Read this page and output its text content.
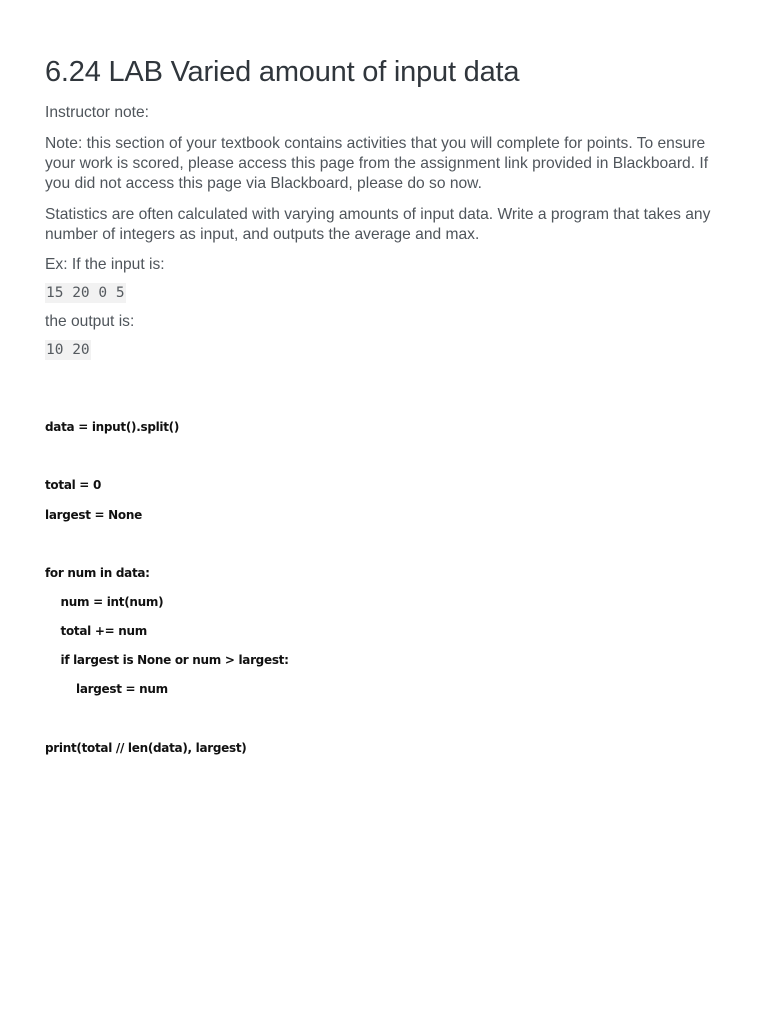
6.24 LAB Varied amount of input data

Instructor note:

Note: this section of your textbook contains activities that you will complete for points. To ensure your work is scored, please access this page from the assignment link provided in Blackboard. If you did not access this page via Blackboard, please do so now.

Statistics are often calculated with varying amounts of input data. Write a program that takes any number of integers as input, and outputs the average and max.

Ex: If the input is:

15 20 0 5

the output is:

10 20

data = input().split()

total = 0

largest = None

for num in data:

num = int(num)

total += num

if largest is None or num > largest:

largest = num

print(total // len(data), largest)
